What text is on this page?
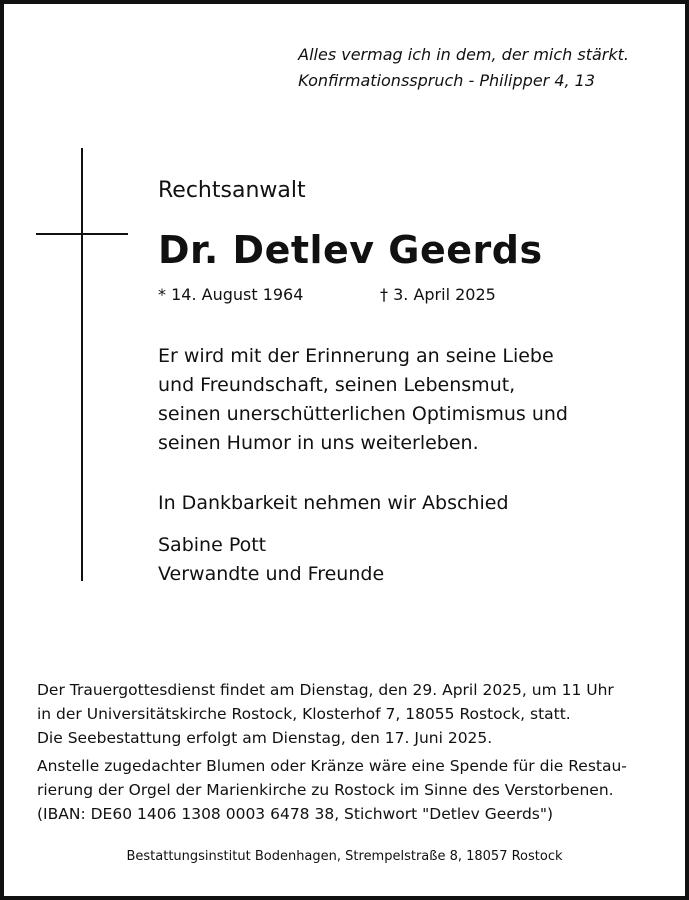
Alles vermag ich in dem, der mich stärkt.
Konfirmationsspruch - Philipper 4, 13
Rechtsanwalt
Dr. Detlev Geerds
* 14. August 1964	† 3. April 2025
Er wird mit der Erinnerung an seine Liebe
und Freundschaft, seinen Lebensmut,
seinen unerschütterlichen Optimismus und
seinen Humor in uns weiterleben.
In Dankbarkeit nehmen wir Abschied
Sabine Pott
Verwandte und Freunde
Der Trauergottesdienst findet am Dienstag, den 29. April 2025, um 11 Uhr
in der Universitätskirche Rostock, Klosterhof 7, 18055 Rostock, statt.
Die Seebestattung erfolgt am Dienstag, den 17. Juni 2025.
Anstelle zugedachter Blumen oder Kränze wäre eine Spende für die Restau-
rierung der Orgel der Marienkirche zu Rostock im Sinne des Verstorbenen.
(IBAN: DE60 1406 1308 0003 6478 38, Stichwort "Detlev Geerds")
Bestattungsinstitut Bodenhagen, Strempelstraße 8, 18057 Rostock
